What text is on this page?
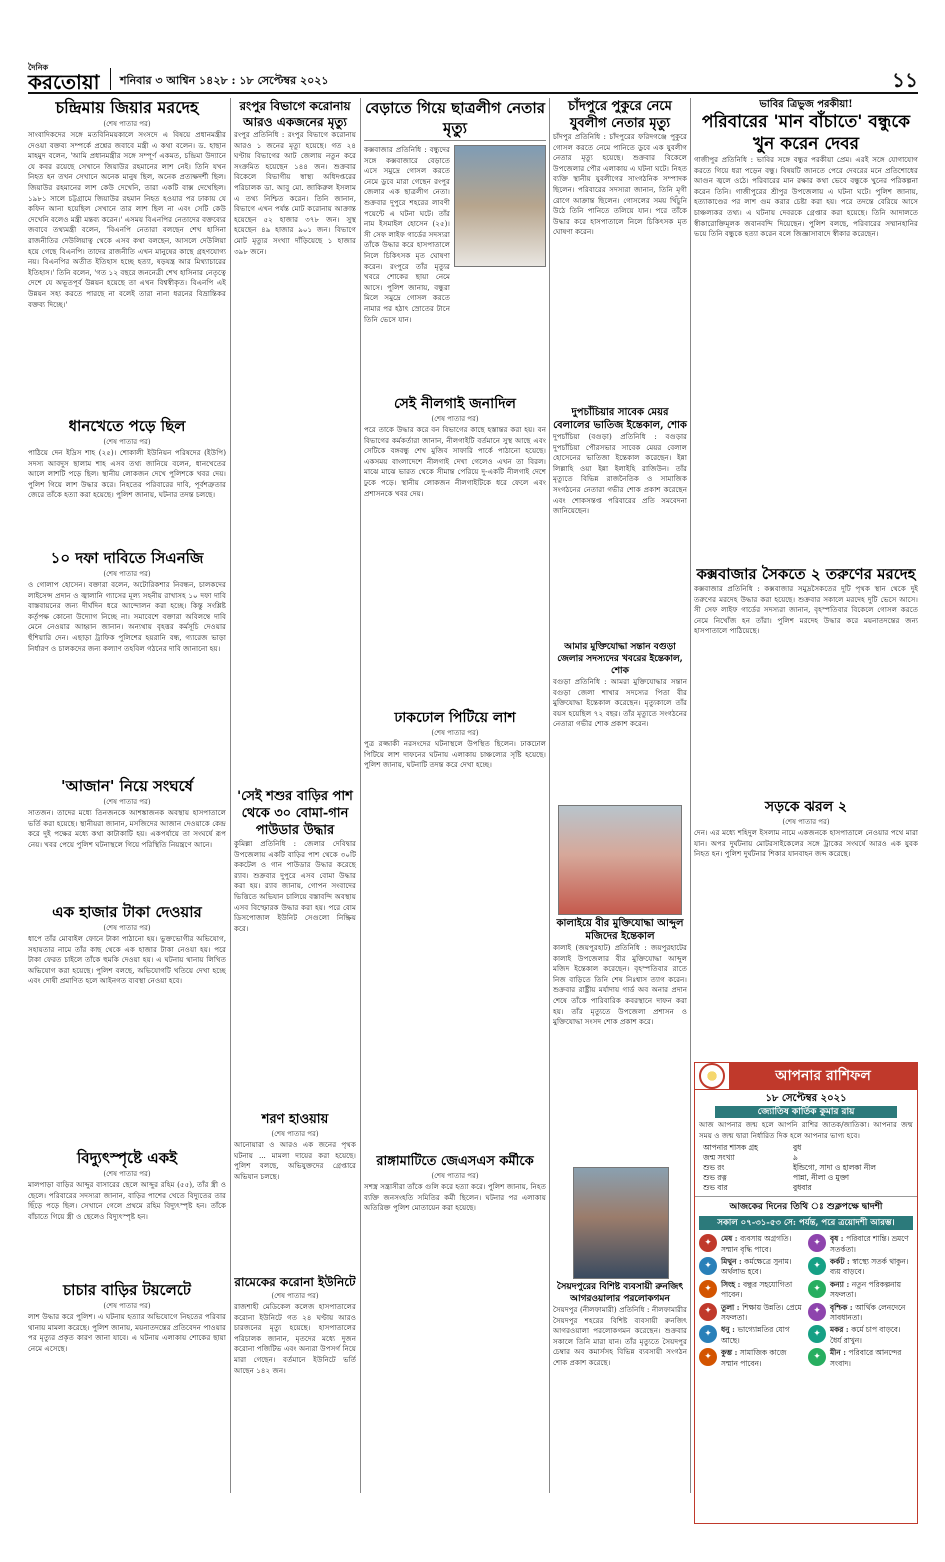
দৈনিক
করতোয়া শনিবার ৩ আশ্বিন ১৪২৮ : ১৮ সেপ্টেম্বর ২০২১	১১
চন্দ্রিমায় জিয়ার মরদেহ
(শেষ পাতার পর)
সাংবাদিকদের সঙ্গে মতবিনিময়কালে সংসদে এ বিষয়ে প্রধানমন্ত্রীর দেওয়া বক্তব্য সম্পর্কে প্রশ্নের জবাবে মন্ত্রী এ কথা বলেন। ড. হাছান মাহমুদ বলেন, 'আমি প্রধানমন্ত্রীর সঙ্গে সম্পূর্ণ একমত, চন্দ্রিমা উদ্যানে যে কবর রয়েছে সেখানে জিয়াউর রহমানের লাশ নেই। তিনি যখন নিহত হন তখন সেখানে অনেক মানুষ ছিল, অনেক প্রত্যক্ষদর্শী ছিল। জিয়াউর রহমানের লাশ কেউ দেখেনি, তারা একটি বাক্স দেখেছিল। ১৯৮১ সালে চট্টগ্রামে জিয়াউর রহমান নিহত হওয়ার পর ঢাকায় যে কফিন আনা হয়েছিল সেখানে তার লাশ ছিল না এবং সেটি কেউ দেখেনি বলেও মন্ত্রী মন্তব্য করেন।' এসময় বিএনপির নেতাদের বক্তব্যের জবাবে তথ্যমন্ত্রী বলেন, 'বিএনপি নেতারা বলছেন শেখ হাসিনা রাজনীতির দেউলিয়াত্ব থেকে এসব কথা বলছেন, আসলে দেউলিয়া হয়ে গেছে বিএনপি। তাদের রাজনীতি এখন মানুষের কাছে গ্রহণযোগ্য নয়। বিএনপির অতীত ইতিহাস হচ্ছে হত্যা, ষড়যন্ত্র আর মিথ্যাচারের ইতিহাস।' তিনি বলেন, 'গত ১২ বছরে জননেত্রী শেখ হাসিনার নেতৃত্বে দেশে যে অভূতপূর্ব উন্নয়ন হয়েছে তা এখন বিশ্বস্বীকৃত। বিএনপি এই উন্নয়ন সহ্য করতে পারছে না বলেই তারা নানা ধরনের বিভ্রান্তিকর বক্তব্য দিচ্ছে।'
ধানখেতে পড়ে ছিল
(শেষ পাতার পর)
পাঠিয়ে দেন ইদ্রিস শাহ (২৫)। শোকালী ইউনিয়ন পরিষদের (ইউপি) সদস্য আবদুস ছালাম শাহ এসব তথ্য জানিয়ে বলেন, ধানখেতের আলে লাশটি পড়ে ছিল। স্থানীয় লোকজন দেখে পুলিশকে খবর দেয়। পুলিশ গিয়ে লাশ উদ্ধার করে। নিহতের পরিবারের দাবি, পূর্বশত্রুতার জেরে তাঁকে হত্যা করা হয়েছে। পুলিশ জানায়, ঘটনার তদন্ত চলছে।
১০ দফা দাবিতে সিএনজি
(শেষ পাতার পর)
ও গোলাপ হোসেন। বক্তারা বলেন, অটোরিকশার নিবন্ধন, চালকদের লাইসেন্স প্রদান ও জ্বালানি গ্যাসের মূল্য সহনীয় রাখাসহ ১০ দফা দাবি বাস্তবায়নের জন্য দীর্ঘদিন ধরে আন্দোলন করা হচ্ছে। কিন্তু সংশ্লিষ্ট কর্তৃপক্ষ কোনো উদ্যোগ নিচ্ছে না। সমাবেশে বক্তারা অবিলম্বে দাবি মেনে নেওয়ার আহ্বান জানান। অন্যথায় বৃহত্তর কর্মসূচি দেওয়ার হুঁশিয়ারি দেন। এছাড়া ট্রাফিক পুলিশের হয়রানি বন্ধ, গ্যারেজ ভাড়া নির্ধারণ ও চালকদের জন্য কল্যাণ তহবিল গঠনের দাবি জানানো হয়।
'আজান' নিয়ে সংঘর্ষে
(শেষ পাতার পর)
সাতজন। তাদের মধ্যে তিনজনকে আশঙ্কাজনক অবস্থায় হাসপাতালে ভর্তি করা হয়েছে। স্থানীয়রা জানান, মসজিদের আজান দেওয়াকে কেন্দ্র করে দুই পক্ষের মধ্যে কথা কাটাকাটি হয়। একপর্যায়ে তা সংঘর্ষে রূপ নেয়। খবর পেয়ে পুলিশ ঘটনাস্থলে গিয়ে পরিস্থিতি নিয়ন্ত্রণে আনে।
এক হাজার টাকা দেওয়ার
(শেষ পাতার পর)
ধাপে তাঁর মোবাইল ফোনে টাকা পাঠানো হয়। ভুক্তভোগীর অভিযোগ, সহায়তার নামে তাঁর কাছ থেকে এক হাজার টাকা নেওয়া হয়। পরে টাকা ফেরত চাইলে তাঁকে হুমকি দেওয়া হয়। এ ঘটনায় থানায় লিখিত অভিযোগ করা হয়েছে। পুলিশ বলছে, অভিযোগটি খতিয়ে দেখা হচ্ছে এবং দোষী প্রমাণিত হলে আইনগত ব্যবস্থা নেওয়া হবে।
বিদ্যুৎস্পৃষ্টে একই
(শেষ পাতার পর)
মালপাড়া বাড়ির আব্দুর বাসারের ছেলে আব্দুর রহিম (৫৫), তাঁর স্ত্রী ও ছেলে। পরিবারের সদস্যরা জানান, বাড়ির পাশের খেতে বিদ্যুতের তার ছিঁড়ে পড়ে ছিল। সেখানে গেলে প্রথমে রহিম বিদ্যুৎস্পৃষ্ট হন। তাঁকে বাঁচাতে গিয়ে স্ত্রী ও ছেলেও বিদ্যুৎস্পৃষ্ট হন।
চাচার বাড়ির টয়লেটে
(শেষ পাতার পর)
লাশ উদ্ধার করে পুলিশ। এ ঘটনায় হত্যার অভিযোগে নিহতের পরিবার থানায় মামলা করেছে। পুলিশ জানায়, ময়নাতদন্তের প্রতিবেদন পাওয়ার পর মৃত্যুর প্রকৃত কারণ জানা যাবে। এ ঘটনায় এলাকায় শোকের ছায়া নেমে এসেছে।
রংপুর বিভাগে করোনায় আরও একজনের মৃত্যু
রংপুর প্রতিনিধি : রংপুর বিভাগে করোনায় আরও ১ জনের মৃত্যু হয়েছে। গত ২৪ ঘণ্টায় বিভাগের আট জেলায় নতুন করে সংক্রমিত হয়েছেন ১৪৪ জন। শুক্রবার বিকেলে বিভাগীয় স্বাস্থ্য অধিদপ্তরের পরিচালক ডা. আবু মো. জাকিরুল ইসলাম এ তথ্য নিশ্চিত করেন। তিনি জানান, বিভাগে এখন পর্যন্ত মোট করোনায় আক্রান্ত হয়েছেন ৫২ হাজার ৩৭৮ জন। সুস্থ হয়েছেন ৪৯ হাজার ৯০১ জন। বিভাগে মোট মৃত্যুর সংখ্যা দাঁড়িয়েছে ১ হাজার ৩৯৮ জনে।
'সেই শশুর বাড়ির পাশ থেকে ৩০ বোমা-গান পাউডার উদ্ধার
কুমিল্লা প্রতিনিধি : জেলার দেবিদ্বার উপজেলায় একটি বাড়ির পাশ থেকে ৩০টি ককটেল ও গান পাউডার উদ্ধার করেছে র‍্যাব। শুক্রবার দুপুরে এসব বোমা উদ্ধার করা হয়। র‍্যাব জানায়, গোপন সংবাদের ভিত্তিতে অভিযান চালিয়ে বস্তাবন্দি অবস্থায় এসব বিস্ফোরক উদ্ধার করা হয়। পরে বোম ডিসপোজাল ইউনিট সেগুলো নিষ্ক্রিয় করে।
শরণ হাওয়ায়
(শেষ পাতার পর)
আনোয়ারা ও আরও এক জনের পৃথক ঘটনায় ... মামলা দায়ের করা হয়েছে। পুলিশ বলছে, অভিযুক্তদের গ্রেপ্তারে অভিযান চলছে।
রামেকের করোনা ইউনিটে
(শেষ পাতার পর)
রাজশাহী মেডিকেল কলেজ হাসপাতালের করোনা ইউনিটে গত ২৪ ঘণ্টায় আরও চারজনের মৃত্যু হয়েছে। হাসপাতালের পরিচালক জানান, মৃতদের মধ্যে দুজন করোনা পজিটিভ এবং অন্যরা উপসর্গ নিয়ে মারা গেছেন। বর্তমানে ইউনিটে ভর্তি আছেন ১৪২ জন।
বেড়াতে গিয়ে ছাত্রলীগ নেতার মৃত্যু
কক্সবাজার প্রতিনিধি : বন্ধুদের সঙ্গে কক্সবাজারে বেড়াতে এসে সমুদ্রে গোসল করতে নেমে ডুবে মারা গেছেন রংপুর জেলার এক ছাত্রলীগ নেতা। শুক্রবার দুপুরে শহরের লাবণী পয়েন্টে এ ঘটনা ঘটে। তাঁর নাম ইসমাইল হোসেন (২৫)। সী সেফ লাইফ গার্ডের সদস্যরা তাঁকে উদ্ধার করে হাসপাতালে নিলে চিকিৎসক মৃত ঘোষণা করেন। রংপুরে তাঁর মৃত্যুর খবরে শোকের ছায়া নেমে আসে। পুলিশ জানায়, বন্ধুরা মিলে সমুদ্রে গোসল করতে নামার পর হঠাৎ স্রোতের টানে তিনি ভেসে যান।
সেই নীলগাই জনাদিল
(শেষ পাতার পর)
পরে তাকে উদ্ধার করে বন বিভাগের কাছে হস্তান্তর করা হয়। বন বিভাগের কর্মকর্তারা জানান, নীলগাইটি বর্তমানে সুস্থ আছে এবং সেটিকে বঙ্গবন্ধু শেখ মুজিব সাফারি পার্কে পাঠানো হয়েছে। একসময় বাংলাদেশে নীলগাই দেখা গেলেও এখন তা বিরল। মাঝে মাঝে ভারত থেকে সীমান্ত পেরিয়ে দু-একটি নীলগাই দেশে ঢুকে পড়ে। স্থানীয় লোকজন নীলগাইটিকে ধরে ফেলে এবং প্রশাসনকে খবর দেয়।
ঢাকঢোল পিটিয়ে লাশ
(শেষ পাতার পর)
পুত্র রজ্জাকী নরসংদের ঘটনাস্থলে উপস্থিত ছিলেন। ঢাকঢোল পিটিয়ে লাশ দাফনের ঘটনায় এলাকায় চাঞ্চল্যের সৃষ্টি হয়েছে। পুলিশ জানায়, ঘটনাটি তদন্ত করে দেখা হচ্ছে।
রাঙ্গামাটিতে জেএসএস কর্মীকে
(শেষ পাতার পর)
সশস্ত্র সন্ত্রাসীরা তাঁকে গুলি করে হত্যা করে। পুলিশ জানায়, নিহত ব্যক্তি জনসংহতি সমিতির কর্মী ছিলেন। ঘটনার পর এলাকায় অতিরিক্ত পুলিশ মোতায়েন করা হয়েছে।
চাঁদপুরে পুকুরে নেমে যুবলীগ নেতার মৃত্যু
চাঁদপুর প্রতিনিধি : চাঁদপুরের ফরিদগঞ্জে পুকুরে গোসল করতে নেমে পানিতে ডুবে এক যুবলীগ নেতার মৃত্যু হয়েছে। শুক্রবার বিকেলে উপজেলার পৌর এলাকায় এ ঘটনা ঘটে। নিহত ব্যক্তি স্থানীয় যুবলীগের সাংগঠনিক সম্পাদক ছিলেন। পরিবারের সদস্যরা জানান, তিনি মৃগী রোগে আক্রান্ত ছিলেন। গোসলের সময় খিঁচুনি উঠে তিনি পানিতে তলিয়ে যান। পরে তাঁকে উদ্ধার করে হাসপাতালে নিলে চিকিৎসক মৃত ঘোষণা করেন।
দুপচাঁচিয়ার সাবেক মেয়র বেলালের ভাতিজ ইন্তেকাল, শোক
দুপচাঁচিয়া (বগুড়া) প্রতিনিধি : বগুড়ার দুপচাঁচিয়া পৌরসভার সাবেক মেয়র বেলাল হোসেনের ভাতিজা ইন্তেকাল করেছেন। ইন্না লিল্লাহি ওয়া ইন্না ইলাইহি রাজিউন। তাঁর মৃত্যুতে বিভিন্ন রাজনৈতিক ও সামাজিক সংগঠনের নেতারা গভীর শোক প্রকাশ করেছেন এবং শোকসন্তপ্ত পরিবারের প্রতি সমবেদনা জানিয়েছেন।
আমার মুক্তিযোদ্ধা সন্তান বগুড়া জেলার সদস্যদের খবরের ইন্তেকাল, শোক
বগুড়া প্রতিনিধি : আমরা মুক্তিযোদ্ধার সন্তান বগুড়া জেলা শাখার সদস্যের পিতা বীর মুক্তিযোদ্ধা ইন্তেকাল করেছেন। মৃত্যুকালে তাঁর বয়স হয়েছিল ৭২ বছর। তাঁর মৃত্যুতে সংগঠনের নেতারা গভীর শোক প্রকাশ করেন।
কালাইয়ে বীর মুক্তিযোদ্ধা আব্দুল মজিদের ইন্তেকাল
কালাই (জয়পুরহাট) প্রতিনিধি : জয়পুরহাটের কালাই উপজেলার বীর মুক্তিযোদ্ধা আব্দুল মজিদ ইন্তেকাল করেছেন। বৃহস্পতিবার রাতে নিজ বাড়িতে তিনি শেষ নিঃশ্বাস ত্যাগ করেন। শুক্রবার রাষ্ট্রীয় মর্যাদায় গার্ড অব অনার প্রদান শেষে তাঁকে পারিবারিক কবরস্থানে দাফন করা হয়। তাঁর মৃত্যুতে উপজেলা প্রশাসন ও মুক্তিযোদ্ধা সংসদ শোক প্রকাশ করে।
সৈয়দপুরের বিশিষ্ট ব্যবসায়ী রুনজিৎ আগরওয়ালার পরলোকগমন
সৈয়দপুর (নীলফামারী) প্রতিনিধি : নীলফামারীর সৈয়দপুর শহরের বিশিষ্ট ব্যবসায়ী রুনজিৎ আগরওয়ালা পরলোকগমন করেছেন। শুক্রবার সকালে তিনি মারা যান। তাঁর মৃত্যুতে সৈয়দপুর চেম্বার অব কমার্সসহ বিভিন্ন ব্যবসায়ী সংগঠন শোক প্রকাশ করেছে।
ভাবির ত্রিভুজ পরকীয়া!
পরিবারের 'মান বাঁচাতে' বন্ধুকে খুন করেন দেবর
গাজীপুর প্রতিনিধি : ভাবির সঙ্গে বন্ধুর পরকীয়া প্রেম। এরই সঙ্গে যোগাযোগ করতে গিয়ে ধরা পড়েন বন্ধু। বিষয়টি জানতে পেরে দেবরের মনে প্রতিশোধের আগুন জ্বলে ওঠে। পরিবারের মান রক্ষার কথা ভেবে বন্ধুকে খুনের পরিকল্পনা করেন তিনি। গাজীপুরের শ্রীপুর উপজেলায় এ ঘটনা ঘটে। পুলিশ জানায়, হত্যাকাণ্ডের পর লাশ গুম করার চেষ্টা করা হয়। পরে তদন্তে বেরিয়ে আসে চাঞ্চল্যকর তথ্য। এ ঘটনায় দেবরকে গ্রেপ্তার করা হয়েছে। তিনি আদালতে স্বীকারোক্তিমূলক জবানবন্দি দিয়েছেন। পুলিশ বলছে, পরিবারের সম্মানহানির ভয়ে তিনি বন্ধুকে হত্যা করেন বলে জিজ্ঞাসাবাদে স্বীকার করেছেন।
কক্সবাজার সৈকতে ২ তরুণের মরদেহ
কক্সবাজার প্রতিনিধি : কক্সবাজার সমুদ্রসৈকতের দুটি পৃথক স্থান থেকে দুই তরুণের মরদেহ উদ্ধার করা হয়েছে। শুক্রবার সকালে মরদেহ দুটি ভেসে আসে। সী সেফ লাইফ গার্ডের সদস্যরা জানান, বৃহস্পতিবার বিকেলে গোসল করতে নেমে নিখোঁজ হন তাঁরা। পুলিশ মরদেহ উদ্ধার করে ময়নাতদন্তের জন্য হাসপাতালে পাঠিয়েছে।
সড়কে ঝরল ২
(শেষ পাতার পর)
দেন। এর মধ্যে শহিদুল ইসলাম নামে একজনকে হাসপাতালে নেওয়ার পথে মারা যান। অপর দুর্ঘটনায় মোটরসাইকেলের সঙ্গে ট্রাকের সংঘর্ষে আরও এক যুবক নিহত হন। পুলিশ দুর্ঘটনার শিকার যানবাহন জব্দ করেছে।
আপনার রাশিফল
১৮ সেপ্টেম্বর ২০২১
জ্যোতিষ কার্তিক কুমার রায়
আজ আপনার জন্ম হলে আপনি রাশির জাতক/জাতিকা। আপনার জন্ম সময় ও জন্ম দ্বারা নির্ধারিত দিক হলে আপনার ভাগ্য হবে।
আপনার শাসক গ্রহ	বুধ
জন্ম সংখ্যা	৯
শুভ রং	ইন্ডিগো, সাদা ও হালকা নীল
শুভ রত্ন	পান্না, নীলা ও মুক্তা
শুভ বার	বুধবার
আজকের দিনের তিথি ঃ শুক্লপক্ষে দ্বাদশী
সকাল ০৭-৩১-৫৩ সে: পর্যন্ত, পরে ত্রয়োদশী আরম্ভ।
✦	মেষ : ব্যবসায় অগ্রগতি। সম্মান বৃদ্ধি পাবে।
✦	বৃষ : পরিবারে শান্তি। ভ্রমণে সতর্কতা।
✦	মিথুন : কর্মক্ষেত্রে সুনাম। অর্থলাভ হবে।
✦	কর্কট : স্বাস্থ্যে সতর্ক থাকুন। ব্যয় বাড়বে।
✦	সিংহ : বন্ধুর সহযোগিতা পাবেন।
✦	কন্যা : নতুন পরিকল্পনায় সফলতা।
✦	তুলা : শিক্ষায় উন্নতি। প্রেমে সফলতা।
✦	বৃশ্চিক : আর্থিক লেনদেনে সাবধানতা।
✦	ধনু : ভাগ্যোন্নতির যোগ আছে।
✦	মকর : কর্মে চাপ বাড়বে। ধৈর্য রাখুন।
✦	কুম্ভ : সামাজিক কাজে সম্মান পাবেন।
✦	মীন : পরিবারে আনন্দের সংবাদ।
